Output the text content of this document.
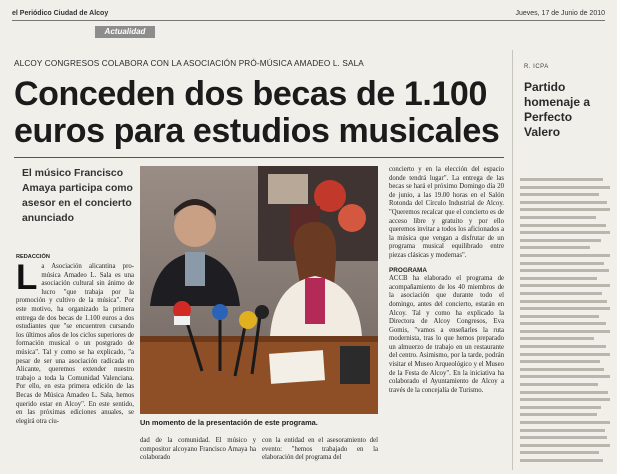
el Periódico Ciudad de Alcoy	Jueves, 17 de Junio de 2010
Actualidad
ALCOY CONGRESOS COLABORA CON LA ASOCIACIÓN PRÓ-MÚSICA AMADEO L. SALA
Conceden dos becas de 1.100 euros para estudios musicales
El músico Francisco Amaya participa como asesor en el concierto anunciado
REDACCIÓN
L a Asociación alicantina pro-música Amadeo L. Sala es una asociación cultural sin ánimo de lucro "que trabaja por la promoción y cultivo de la música". Por este motivo, ha organizado la primera entrega de dos becas de 1.100 euros a dos estudiantes que "se encuentren cursando los últimos años de los ciclos superiores de formación musical o un postgrado de música". Tal y como se ha explicado, "a pesar de ser una asociación radicada en Alicante, queremos extender nuestro trabajo a toda la Comunidad Valenciana. Por ello, en esta primera edición de las Becas de Música Amadeo L. Sala, hemos querido estar en Alcoy". En este sentido, en las próximas ediciones anuales, se elegirá otra ciu-	Un momento de la presentación de este programa.
dad de la comunidad. El músico y compositor alcoyano Francisco Amaya ha colaborado
con la entidad en el asesoramiento del evento: "hemos trabajado en la elaboración del programa del
concierto y en la elección del espacio donde tendrá lugar". La entrega de las becas se hará el próximo Domingo día 20 de junio, a las 19.00 horas en el Salón Rotonda del Círculo Industrial de Alcoy. "Queremos recalcar que el concierto es de acceso libre y gratuito y por ello queremos invitar a todos los aficionados a la música que vengan a disfrutar de un programa musical equilibrado entre piezas clásicas y modernas".
PROGRAMA
ACCB ha elaborado el programa de acompañamiento de los 40 miembros de la asociación que durante todo el domingo, antes del concierto, estarán en Alcoy. Tal y como ha explicado la Directora de Alcoy Congresos, Eva Gomis, "vamos a enseñarles la ruta modernista, tras lo que hemos preparado un almuerzo de trabajo en un restaurante del centro. Asimismo, por la tarde, podrán visitar el Museo Arqueológico y el Museo de la Festa de Alcoy". En la iniciativa ha colaborado el Ayuntamiento de Alcoy a través de la concejalía de Turismo.
R. ICPA
Partido homenaje a Perfecto Valero
